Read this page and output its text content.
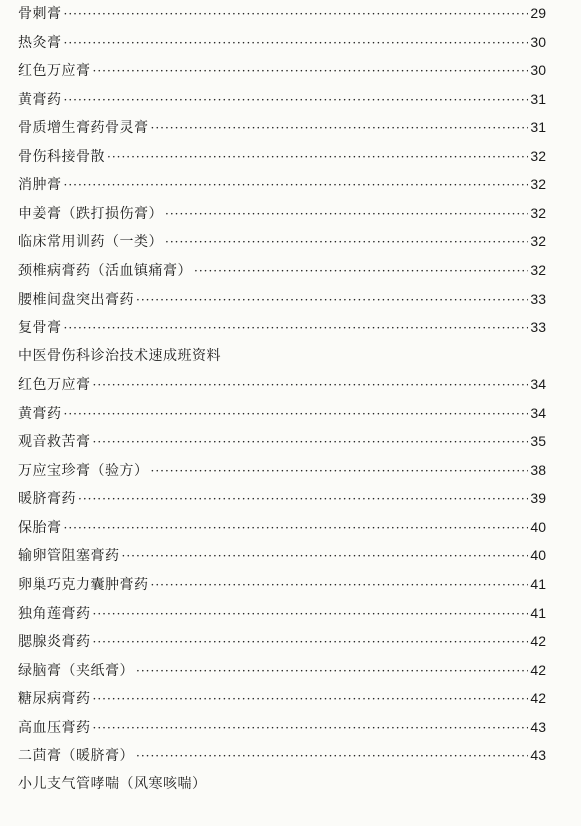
骨刺膏 ·····	29
热灸膏 ·····	30
红色万应膏 ·····	30
黄膏药 ·····	31
骨质增生膏药骨灵膏 ·····	31
骨伤科接骨散 ·····	32
消肿膏 ·····	32
申姜膏（跌打损伤膏） ·····	32
临床常用训药（一类） ·····	32
颈椎病膏药（活血镇痛膏） ·····	32
腰椎间盘突出膏药 ·····	33
复骨膏 ·····	33
中医骨伤科诊治技术速成班资料
红色万应膏 ·····	34
黄膏药 ·····	34
观音救苦膏 ·····	35
万应宝珍膏（验方） ·····	38
暖脐膏药 ·····	39
保胎膏 ·····	40
输卵管阻塞膏药 ·····	40
卵巢巧克力囊肿膏药 ·····	41
独角莲膏药 ·····	41
腮腺炎膏药 ·····	42
绿脑膏（夹纸膏） ·····	42
糖尿病膏药 ·····	42
高血压膏药 ·····	43
二茴膏（暖脐膏） ·····	43
小儿支气管哮喘（风寒咳喘）
